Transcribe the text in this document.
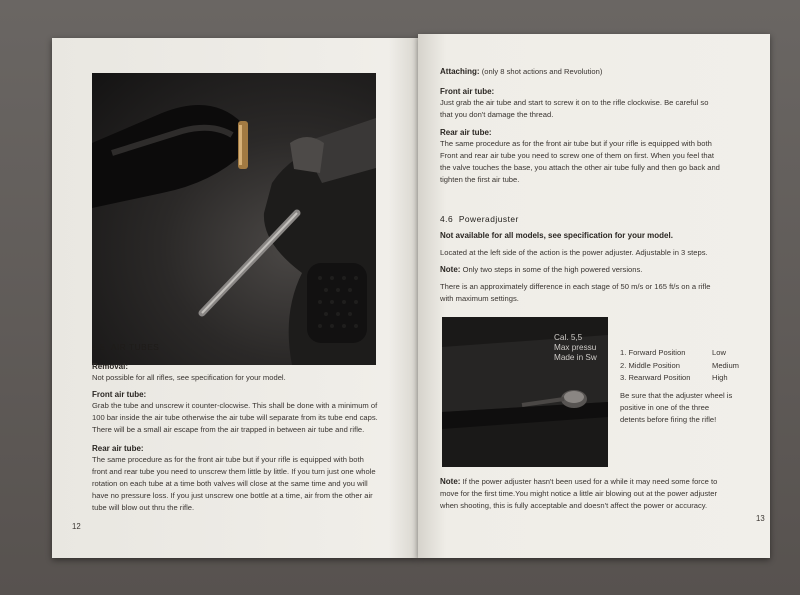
4.5 AIR TUBES
Removal:
Not possible for all rifles, see specification for your model.
Front air tube:
Grab the tube and unscrew it counter-clocwise. This shall be done with a minimum of
100 bar inside the air tube otherwise the air tube will separate from its tube end caps.
There will be a small air escape from the air trapped in between air tube and rifle.
Rear air tube:
The same procedure as for the front air tube but if your rifle is equipped with both
front and rear tube you need to unscrew them little by little. If you turn just one whole
rotation on each tube at a time both valves will close at the same time and you will
have no pressure loss. If you just unscrew one bottle at a time, air from the other air
tube will blow out thru the rifle.
12
Attaching: (only 8 shot actions and Revolution)
Front air tube:
Just grab the air tube and start to screw it on to the rifle clockwise. Be careful so
that you don't damage the thread.
Rear air tube:
The same procedure as for the front air tube but if your rifle is equipped with both
Front and rear air tube you need to screw one of them on first. When you feel that
the valve touches the base, you attach the other air tube fully and then go back and
tighten the first air tube.
4.6 Poweradjuster
Not available for all models, see specification for your model.
Located at the left side of the action is the power adjuster. Adjustable in 3 steps.
Note: Only two steps in some of the high powered versions.
There is an approximately difference in each stage of 50 m/s or 165 ft/s on a rifle
with maximum settings.
Cal. 5,5
Max pressu
Made in Sw
1. Forward Position	Low
2. Middle Position	Medium
3. Rearward Position	High
Be sure that the adjuster wheel is
positive in one of the three
detents before firing the rifle!
Note: If the power adjuster hasn't been used for a while it may need some force to
move for the first time.You might notice a little air blowing out at the power adjuster
when shooting, this is fully acceptable and doesn't affect the power or accuracy.
13
